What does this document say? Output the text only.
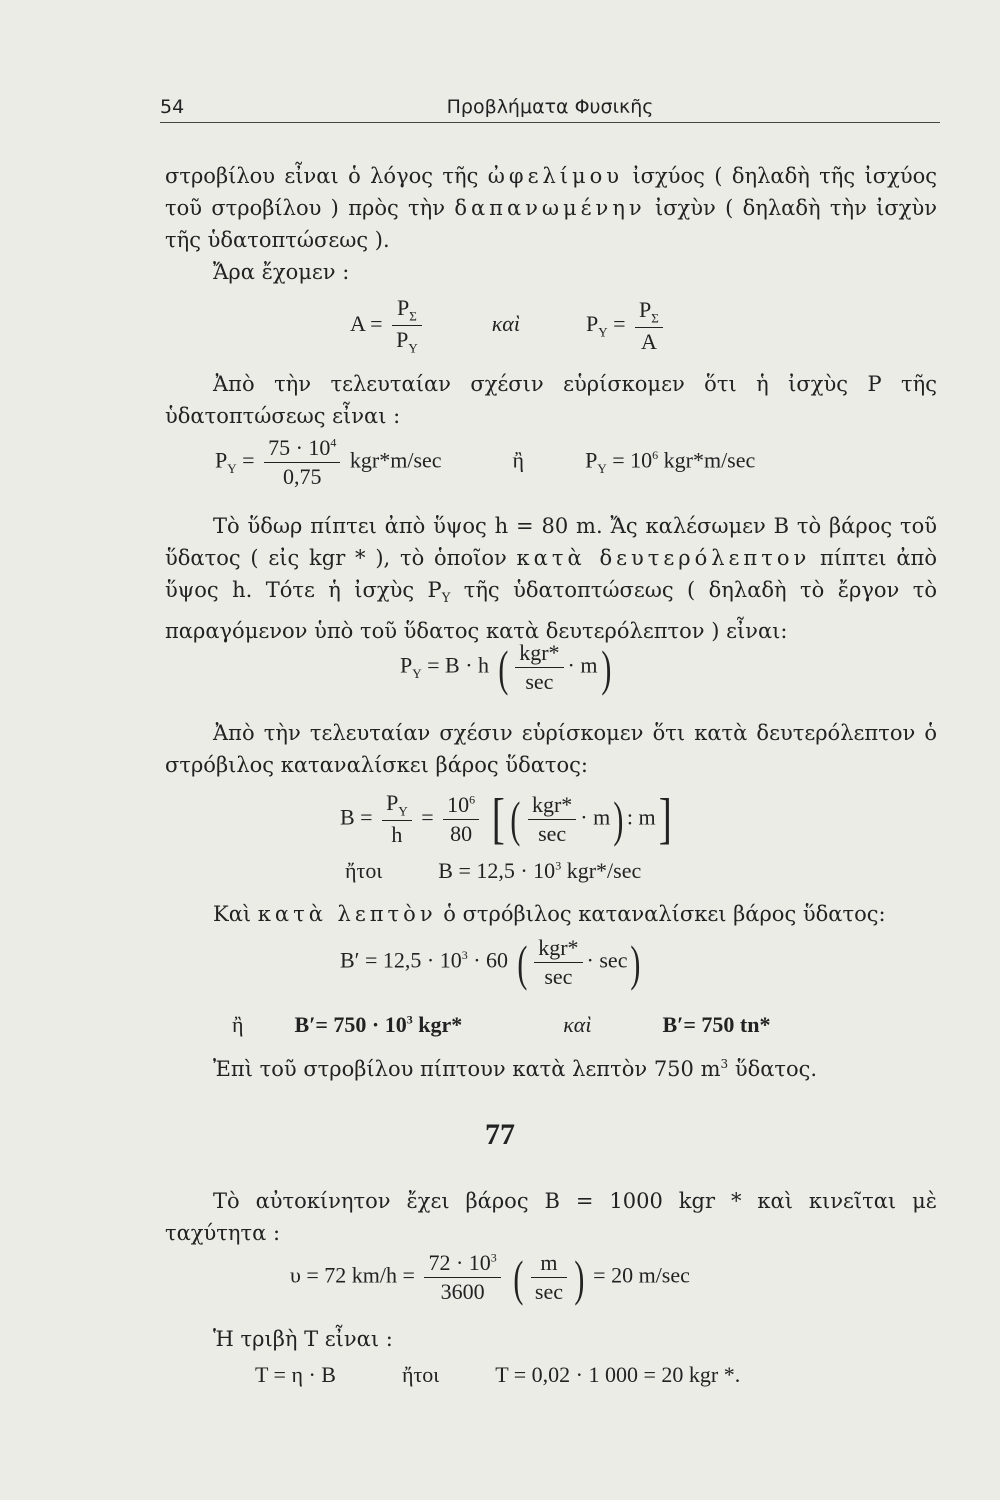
54	Προβλήματα Φυσικῆς
στροβίλου εἶναι ὁ λόγος τῆς ὠφελίμου ἰσχύος ( δηλαδὴ τῆς ἰσχύος τοῦ στροβίλου ) πρὸς τὴν δαπανωμένην ἰσχὺν ( δηλαδὴ τὴν ἰσχὺν τῆς ὑδατοπτώσεως ).
Ἄρα ἔχομεν :
$A = \frac{P_\Sigma}{P_\Upsilon}$	καὶ	$P_\Upsilon = \frac{P_\Sigma}{A}$
Ἀπὸ τὴν τελευταίαν σχέσιν εὑρίσκομεν ὅτι ἡ ἰσχὺς P τῆς ὑδατοπτώσεως εἶναι :
$P_\Upsilon = \frac{75 \cdot 10^4}{0,75} kgr*m/\sec$	ἢ	$P_\Upsilon = 10^6$ kgr*m/sec
Τὸ ὕδωρ πίπτει ἀπὸ ὕψος h = 80 m. Ἄς καλέσωμεν B τὸ βάρος τοῦ ὕδατος ( εἰς kgr * ), τὸ ὁποῖον κατὰ δευτερόλεπτον πίπτει ἀπὸ ὕψος h. Τότε ἡ ἰσχὺς $P_\Upsilon$ τῆς ὑδατοπτώσεως ( δηλαδὴ τὸ ἔργον τὸ παραγόμενον ὑπὸ τοῦ ὕδατος κατὰ δευτερόλεπτον ) εἶναι:
$P_\Upsilon = B \cdot h$ ( $\frac{\text{kgr*}}{\sec} \cdot m$)
Ἀπὸ τὴν τελευταίαν σχέσιν εὑρίσκομεν ὅτι κατὰ δευτερόλεπτον ὁ στρόβιλος καταναλίσκει βάρος ὕδατος:
$B = \frac{P_\Upsilon}{h} = \frac{10^6}{80}$ [ ( $\frac{\text{kgr*}}{\sec} \cdot m$) : m]
ἤτοι	$B = 12,5 \cdot 10^3$ kgr*/sec
Καὶ κατὰ λεπτὸν ὁ στρόβιλος καταναλίσκει βάρος ὕδατος:
$B' = 12,5 \cdot 10^3 \cdot 60$ ( $\frac{\text{kgr*}}{\sec} \cdot \sec$)
ἢ $B'= 750 \cdot 10^3$ kgr*	καὶ	B′= 750 tn*
Ἐπὶ τοῦ στροβίλου πίπτουν κατὰ λεπτὸν 750 $m^3$ ὕδατος.
77
Τὸ αὐτοκίνητον ἔχει βάρος B = 1000 kgr * καὶ κινεῖται μὲ ταχύτητα :
υ = 72 $km/h = \frac{72 \cdot 10^3}{3600}$ ( $\frac{m}{\sec}$ ) = 20 m/sec
Ἡ τριβὴ T εἶναι :
T = η · B	ἤτοι	T = 0,02 · 1 000 = 20 kgr *.
